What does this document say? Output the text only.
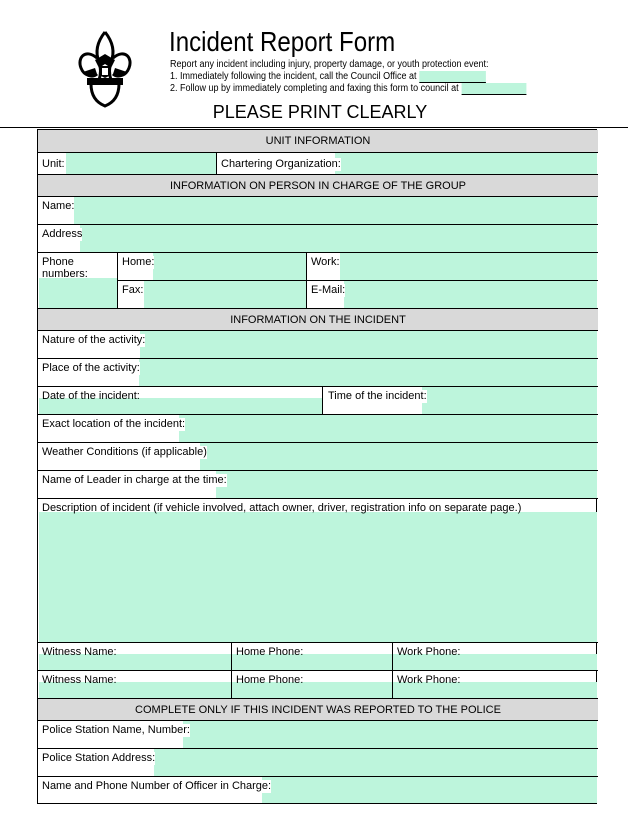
Incident Report Form
Report any incident including injury, property damage, or youth protection event:
1. Immediately following the incident, call the Council Office at
2. Follow up by immediately completing and faxing this form to council at
PLEASE PRINT CLEARLY
UNIT INFORMATION
Unit:	Chartering Organization:
INFORMATION ON PERSON IN CHARGE OF THE GROUP
Name:
Address
Phone
numbers:
Home:	Work:
Fax:	E-Mail:
INFORMATION ON THE INCIDENT
Nature of the activity:
Place of the activity:
Date of the incident:	Time of the incident:
Exact location of the incident:
Weather Conditions (if applicable)
Name of Leader in charge at the time:
Description of incident (if vehicle involved, attach owner, driver, registration info on separate page.)
Witness Name:	Home Phone:	Work Phone:
Witness Name:	Home Phone:	Work Phone:
COMPLETE ONLY IF THIS INCIDENT WAS REPORTED TO THE POLICE
Police Station Name, Number:
Police Station Address:
Name and Phone Number of Officer in Charge:
